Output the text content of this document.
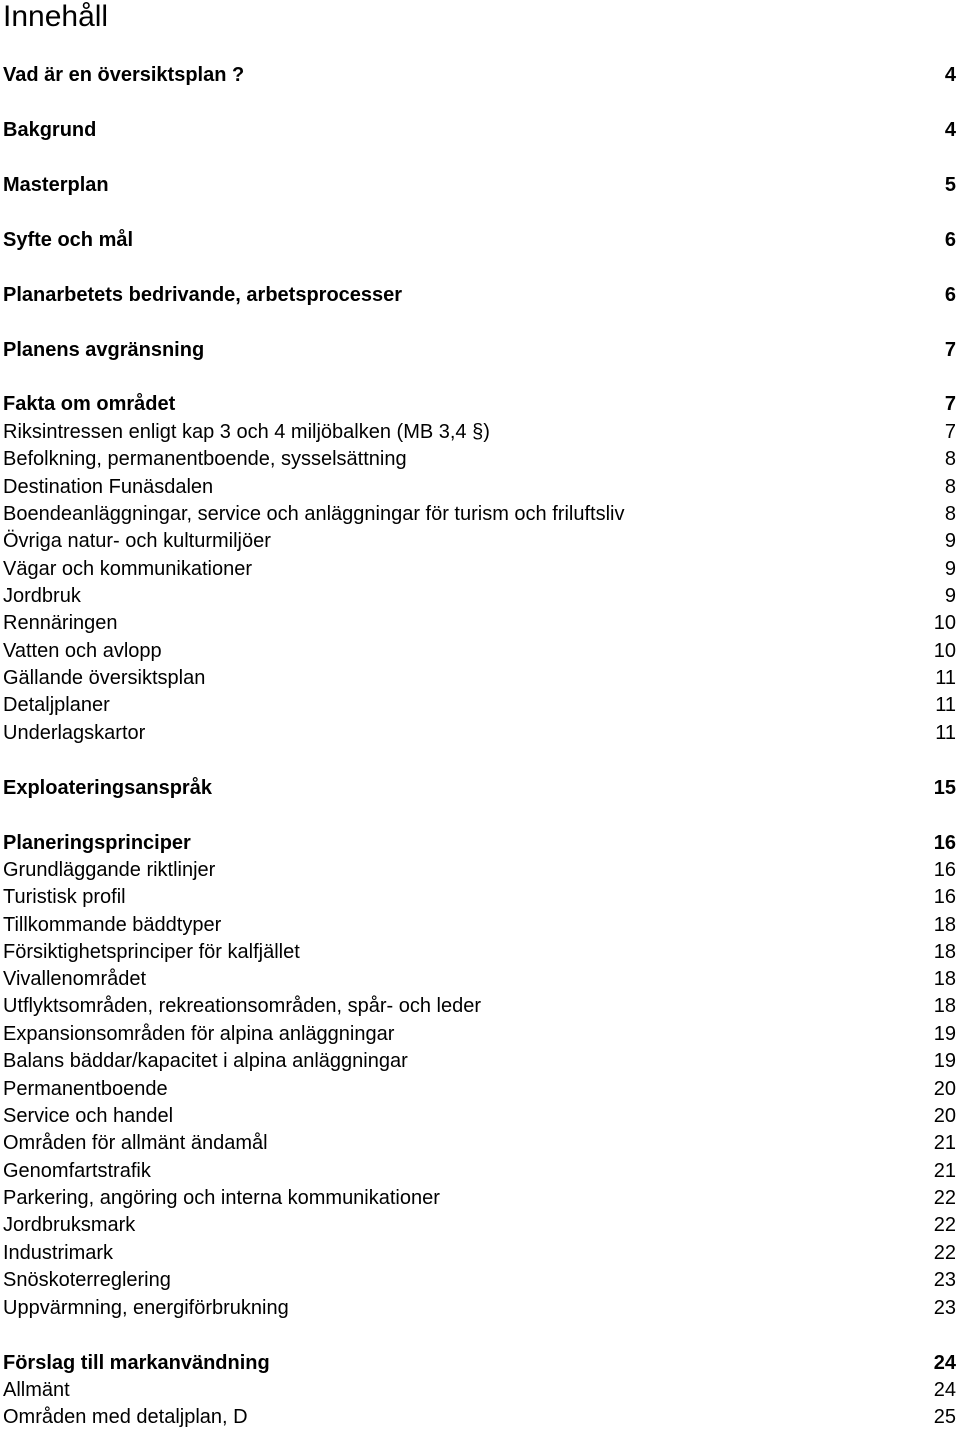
Innehåll
Vad är en översiktsplan ?	4
Bakgrund	4
Masterplan	5
Syfte och mål	6
Planarbetets bedrivande, arbetsprocesser	6
Planens avgränsning	7
Fakta om området	7
Riksintressen enligt kap 3 och 4 miljöbalken (MB 3,4 §)	7
Befolkning, permanentboende, sysselsättning	8
Destination Funäsdalen	8
Boendeanläggningar, service och anläggningar för turism och friluftsliv	8
Övriga natur- och kulturmiljöer	9
Vägar och kommunikationer	9
Jordbruk	9
Rennäringen	10
Vatten och avlopp	10
Gällande översiktsplan	11
Detaljplaner	11
Underlagskartor	11
Exploateringsanspråk	15
Planeringsprinciper	16
Grundläggande riktlinjer	16
Turistisk profil	16
Tillkommande bäddtyper	18
Försiktighetsprinciper för kalfjället	18
Vivallenområdet	18
Utflyktsområden, rekreationsområden, spår- och leder	18
Expansionsområden för alpina anläggningar	19
Balans bäddar/kapacitet i alpina anläggningar	19
Permanentboende	20
Service och handel	20
Områden för allmänt ändamål	21
Genomfartstrafik	21
Parkering, angöring och interna kommunikationer	22
Jordbruksmark	22
Industrimark	22
Snöskoterreglering	23
Uppvärmning, energiförbrukning	23
Förslag till markanvändning	24
Allmänt	24
Områden med detaljplan, D	25
